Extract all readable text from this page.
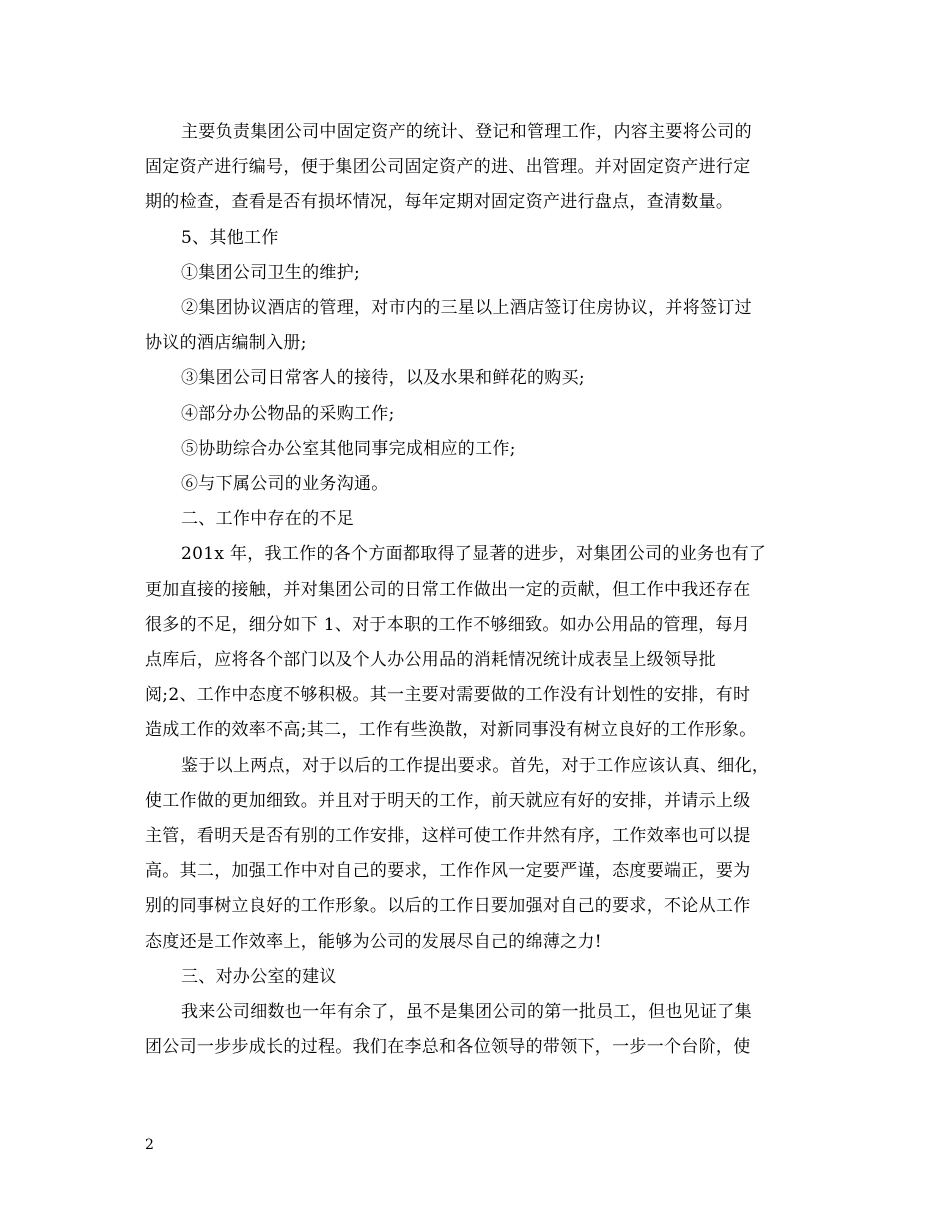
主要负责集团公司中固定资产的统计、登记和管理工作，内容主要将公司的
固定资产进行编号，便于集团公司固定资产的进、出管理。并对固定资产进行定
期的检查，查看是否有损坏情况，每年定期对固定资产进行盘点，查清数量。
5、其他工作
①集团公司卫生的维护;
②集团协议酒店的管理，对市内的三星以上酒店签订住房协议，并将签订过
协议的酒店编制入册;
③集团公司日常客人的接待，以及水果和鲜花的购买;
④部分办公物品的采购工作;
⑤协助综合办公室其他同事完成相应的工作;
⑥与下属公司的业务沟通。
二、工作中存在的不足
201x 年，我工作的各个方面都取得了显著的进步，对集团公司的业务也有了
更加直接的接触，并对集团公司的日常工作做出一定的贡献，但工作中我还存在
很多的不足，细分如下 1、对于本职的工作不够细致。如办公用品的管理，每月
点库后，应将各个部门以及个人办公用品的消耗情况统计成表呈上级领导批
阅;2、工作中态度不够积极。其一主要对需要做的工作没有计划性的安排，有时
造成工作的效率不高;其二，工作有些涣散，对新同事没有树立良好的工作形象。
鉴于以上两点，对于以后的工作提出要求。首先，对于工作应该认真、细化，
使工作做的更加细致。并且对于明天的工作，前天就应有好的安排，并请示上级
主管，看明天是否有别的工作安排，这样可使工作井然有序，工作效率也可以提
高。其二，加强工作中对自己的要求，工作作风一定要严谨，态度要端正，要为
别的同事树立良好的工作形象。以后的工作日要加强对自己的要求，不论从工作
态度还是工作效率上，能够为公司的发展尽自己的绵薄之力!
三、对办公室的建议
我来公司细数也一年有余了，虽不是集团公司的第一批员工，但也见证了集
团公司一步步成长的过程。我们在李总和各位领导的带领下，一步一个台阶，使
2
